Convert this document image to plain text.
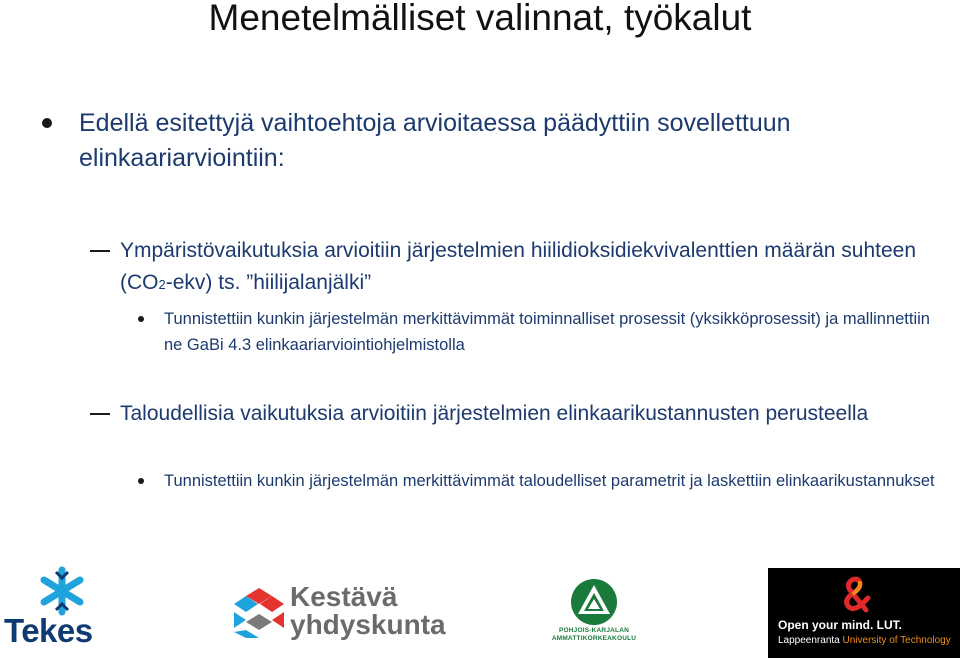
Menetelmälliset valinnat, työkalut
Edellä esitettyjä vaihtoehtoja arvioitaessa päädyttiin sovellettuun elinkaariarviointiin:
Ympäristövaikutuksia arvioitiin järjestelmien hiilidioksidiekvivalenttien määrän suhteen (CO2-ekv) ts. ”hiilijalanjälki”
Tunnistettiin kunkin järjestelmän merkittävimmät toiminnalliset prosessit (yksikköprosessit) ja mallinnettiin ne GaBi 4.3 elinkaariarviointiohjelmistolla
Taloudellisia vaikutuksia arvioitiin järjestelmien elinkaarikustannusten perusteella
Tunnistettiin kunkin järjestelmän merkittävimmät taloudelliset parametrit ja laskettiin elinkaarikustannukset
Tekes
Kestävä
yhdyskunta	POHJOIS-KARJALAN
AMMATTIKORKEAKOULU
Open your mind. LUT.
Lappeenranta University of Technology
